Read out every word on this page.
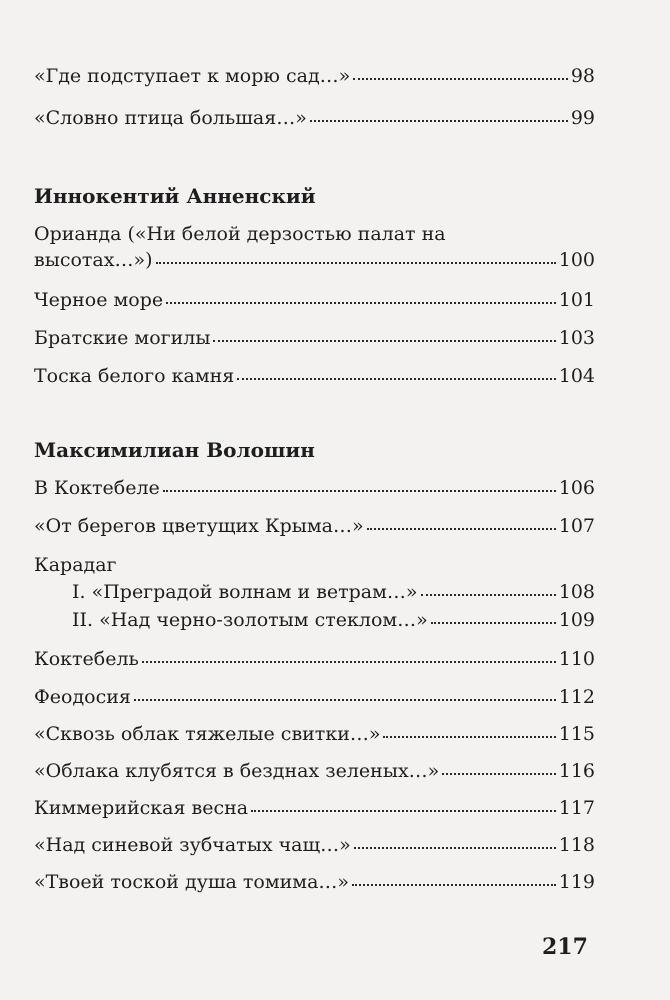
«Где подступает к морю сад…»	98
«Словно птица большая…»	99
Иннокентий Анненский
Ориандa («Ни белой дерзостью палат на
высотах…»)	100
Черное море	101
Братские могилы	103
Тоска белого камня	104
Максимилиан Волошин
В Коктебеле	106
«От берегов цветущих Крыма…»	107
Карадаг
I. «Преградой волнам и ветрам…»	108
II. «Над черно-золотым стеклом…»	109
Коктебель	110
Феодосия	112
«Сквозь облак тяжелые свитки…»	115
«Облака клубятся в безднах зеленых…»	116
Киммерийская весна	117
«Над синевой зубчатых чащ…»	118
«Твоей тоской душа томима…»	119
217
